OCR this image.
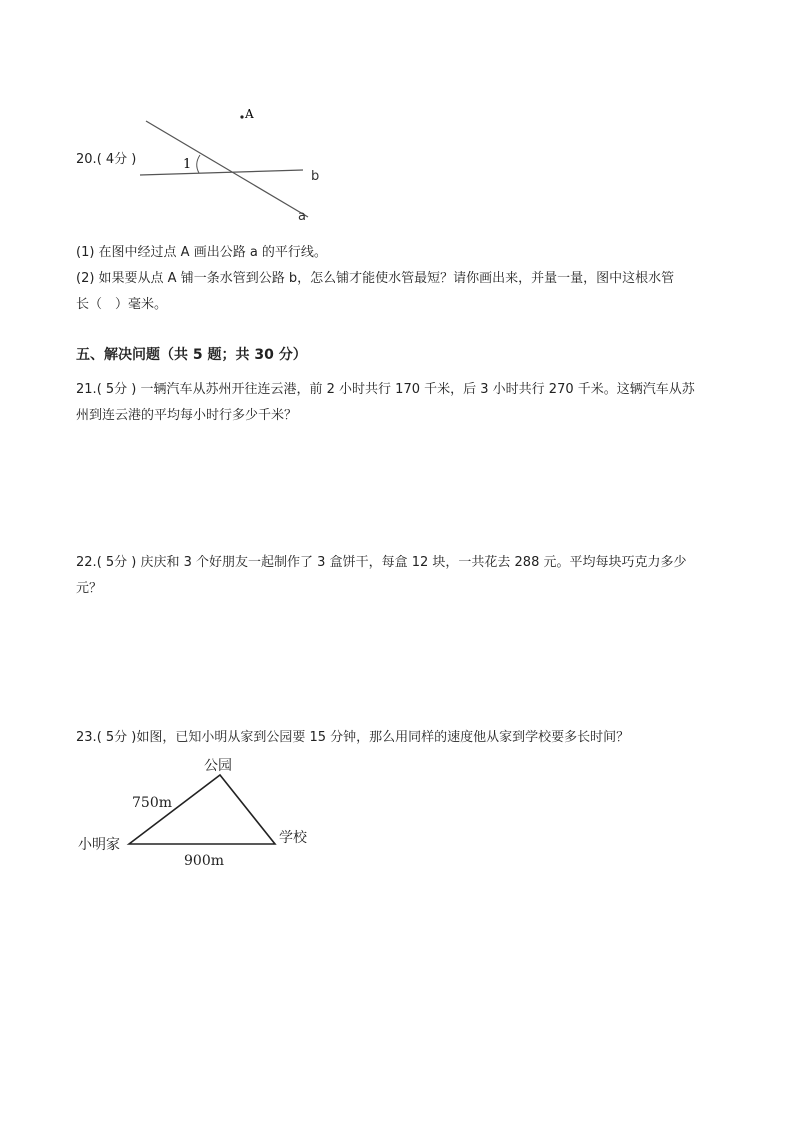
20.( 4分 )
A
1
b
a
(1) 在图中经过点 A 画出公路 a 的平行线。
(2) 如果要从点 A 铺一条水管到公路 b，怎么铺才能使水管最短？请你画出来，并量一量，图中这根水管
长（　）毫米。
五、解决问题（共 5 题；共 30 分）
21.( 5分 ) 一辆汽车从苏州开往连云港，前 2 小时共行 170 千米，后 3 小时共行 270 千米。这辆汽车从苏
州到连云港的平均每小时行多少千米？
22.( 5分 ) 庆庆和 3 个好朋友一起制作了 3 盒饼干，每盒 12 块，一共花去 288 元。平均每块巧克力多少
元？
23.( 5分 )如图，已知小明从家到公园要 15 分钟，那么用同样的速度他从家到学校要多长时间？
公园
小明家	学校
750m
900m
